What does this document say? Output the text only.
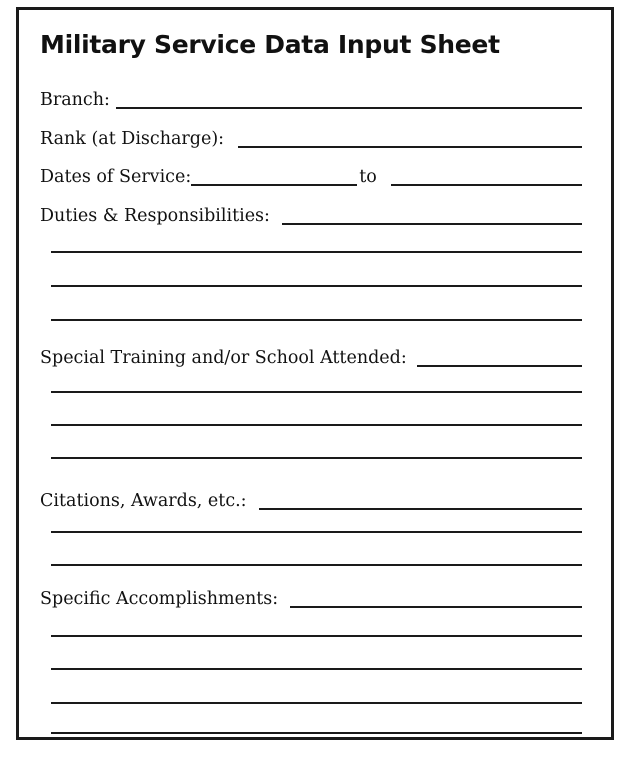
Military Service Data Input Sheet
Branch:
Rank (at Discharge):
Dates of Service:	to
Duties & Responsibilities:
Special Training and/or School Attended:
Citations, Awards, etc.:
Specific Accomplishments:
